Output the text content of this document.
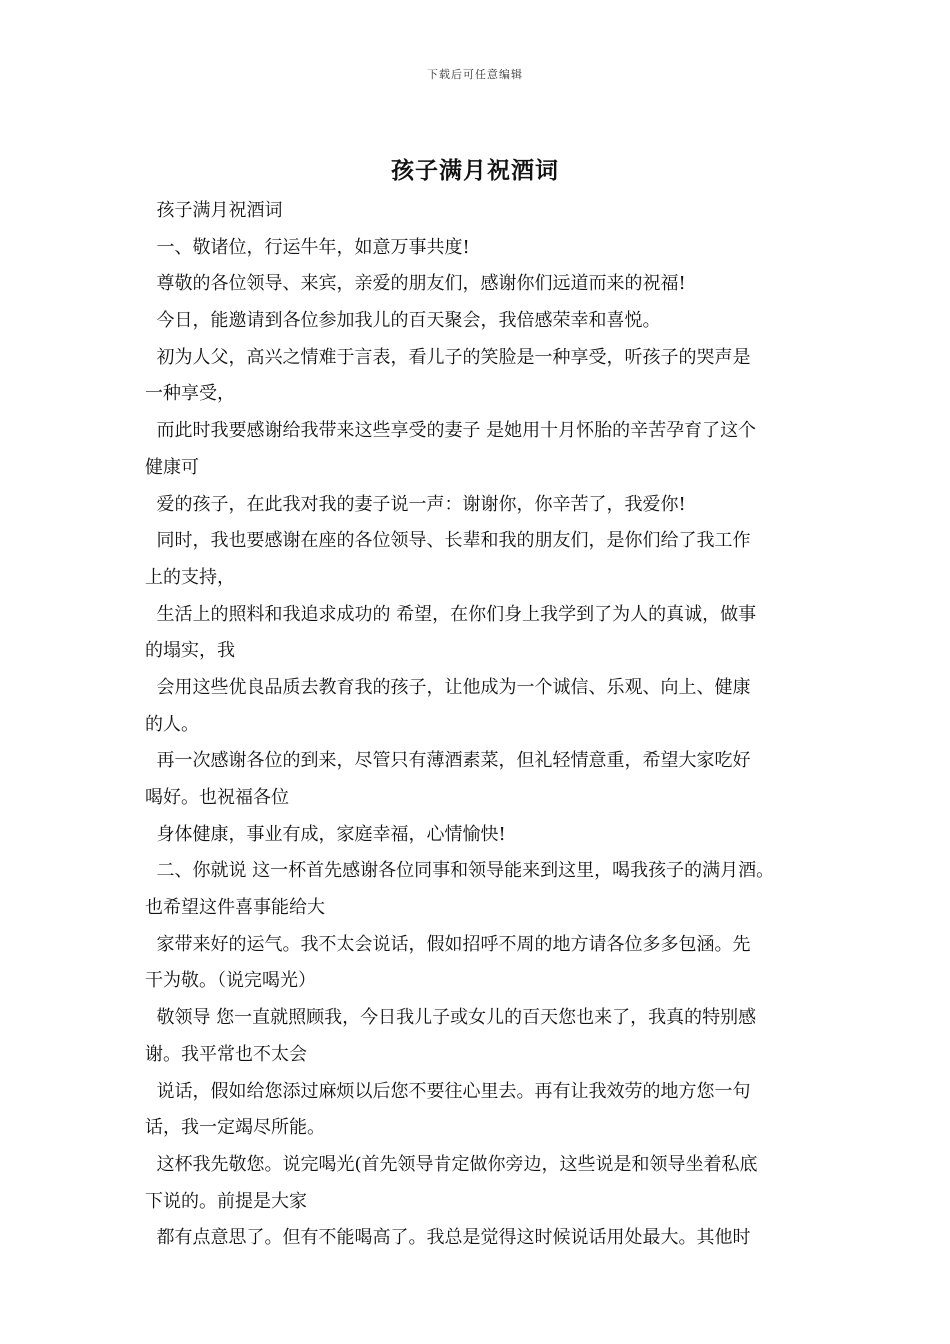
下载后可任意编辑
孩子满月祝酒词
孩子满月祝酒词
一、敬诸位，行运牛年，如意万事共度!
尊敬的各位领导、来宾，亲爱的朋友们，感谢你们远道而来的祝福!
今日，能邀请到各位参加我儿的百天聚会，我倍感荣幸和喜悦。
初为人父，高兴之情难于言表，看儿子的笑脸是一种享受，听孩子的哭声是
一种享受，
而此时我要感谢给我带来这些享受的妻子 是她用十月怀胎的辛苦孕育了这个
健康可
爱的孩子，在此我对我的妻子说一声：谢谢你，你辛苦了，我爱你!
同时，我也要感谢在座的各位领导、长辈和我的朋友们，是你们给了我工作
上的支持，
生活上的照料和我追求成功的 希望，在你们身上我学到了为人的真诚，做事
的塌实，我
会用这些优良品质去教育我的孩子，让他成为一个诚信、乐观、向上、健康
的人。
再一次感谢各位的到来，尽管只有薄酒素菜，但礼轻情意重，希望大家吃好
喝好。也祝福各位
身体健康，事业有成，家庭幸福，心情愉快!
二、你就说 这一杯首先感谢各位同事和领导能来到这里，喝我孩子的满月酒。
也希望这件喜事能给大
家带来好的运气。我不太会说话，假如招呼不周的地方请各位多多包涵。先
干为敬。（说完喝光）
敬领导 您一直就照顾我，今日我儿子或女儿的百天您也来了，我真的特别感
谢。我平常也不太会
说话，假如给您添过麻烦以后您不要往心里去。再有让我效劳的地方您一句
话，我一定竭尽所能。
这杯我先敬您。说完喝光(首先领导肯定做你旁边，这些说是和领导坐着私底
下说的。前提是大家
都有点意思了。但有不能喝高了。我总是觉得这时候说话用处最大。其他时
